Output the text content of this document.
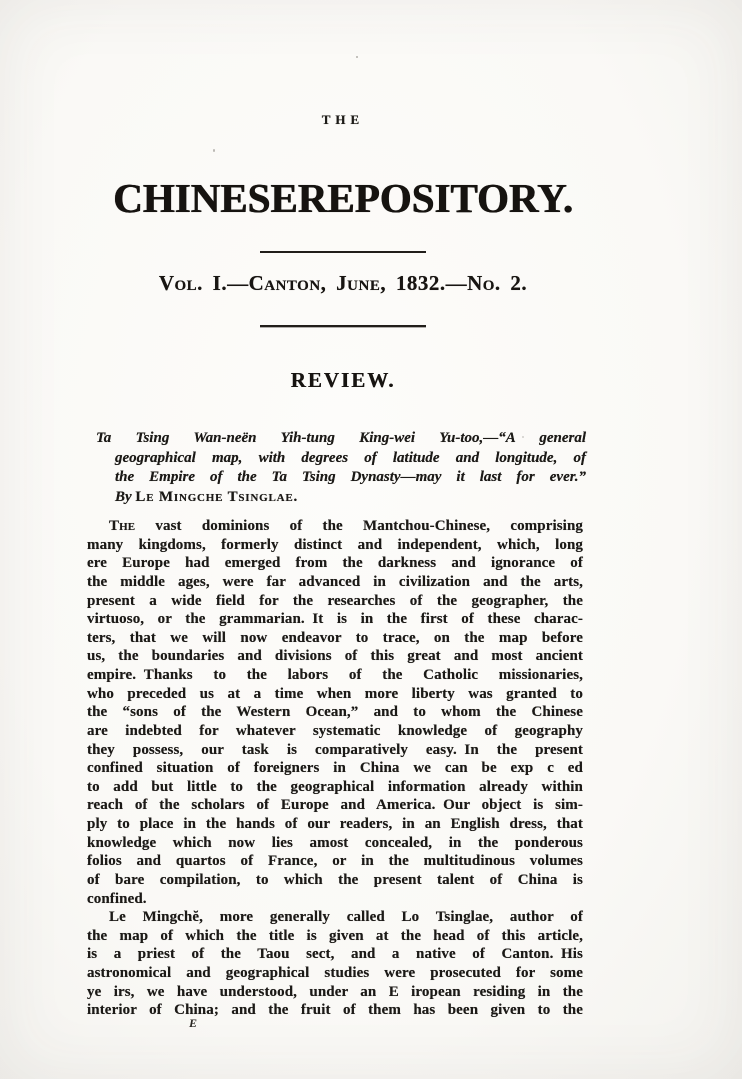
THE
CHINESEREPOSITORY.
Vol. I.—Canton, June, 1832.—No. 2.
REVIEW.
Ta Tsing Wan-neën Yih-tung King-wei Yu-too,—“A general
geographical map, with degrees of latitude and longitude, of
the Empire of the Ta Tsing Dynasty—may it last for ever.”
By Le Mingche Tsinglae.
The vast dominions of the Mantchou-Chinese, comprising
many kingdoms, formerly distinct and independent, which, long
ere Europe had emerged from the darkness and ignorance of
the middle ages, were far advanced in civilization and the arts,
present a wide field for the researches of the geographer, the
virtuoso, or the grammarian. It is in the first of these charac-
ters, that we will now endeavor to trace, on the map before
us, the boundaries and divisions of this great and most ancient
empire. Thanks to the labors of the Catholic missionaries,
who preceded us at a time when more liberty was granted to
the “sons of the Western Ocean,” and to whom the Chinese
are indebted for whatever systematic knowledge of geography
they possess, our task is comparatively easy. In the present
confined situation of foreigners in China we can be exp c ed
to add but little to the geographical information already within
reach of the scholars of Europe and America. Our object is sim-
ply to place in the hands of our readers, in an English dress, that
knowledge which now lies amost concealed, in the ponderous
folios and quartos of France, or in the multitudinous volumes
of bare compilation, to which the present talent of China is
confined.
Le Mingchĕ, more generally called Lo Tsinglae, author of
the map of which the title is given at the head of this article,
is a priest of the Taou sect, and a native of Canton. His
astronomical and geographical studies were prosecuted for some
ye irs, we have understood, under an E iropean residing in the
interior of China; and the fruit of them has been given to the
E
